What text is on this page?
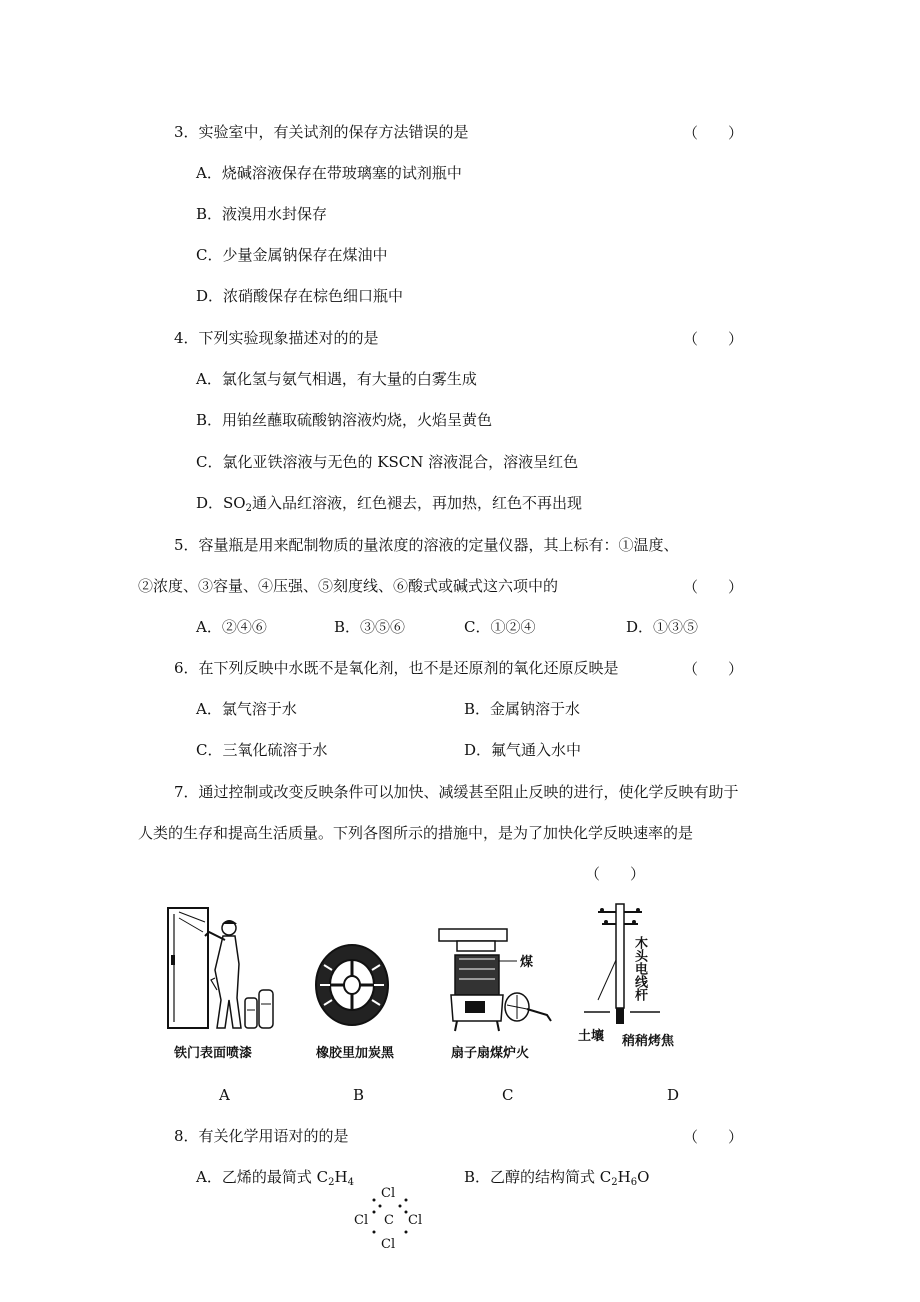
3．实验室中，有关试剂的保存方法错误的是	（　　）
A．烧碱溶液保存在带玻璃塞的试剂瓶中
B．液溴用水封保存
C．少量金属钠保存在煤油中
D．浓硝酸保存在棕色细口瓶中
4．下列实验现象描述对的的是	（　　）
A．氯化氢与氨气相遇，有大量的白雾生成
B．用铂丝蘸取硫酸钠溶液灼烧，火焰呈黄色
C．氯化亚铁溶液与无色的 KSCN 溶液混合，溶液呈红色
D．$SO_2$通入品红溶液，红色褪去，再加热，红色不再出现
5．容量瓶是用来配制物质的量浓度的溶液的定量仪器，其上标有：①温度、
②浓度、③容量、④压强、⑤刻度线、⑥酸式或碱式这六项中的	（　　）
A．②④⑥	B．③⑤⑥	C．①②④	D．①③⑤
6．在下列反映中水既不是氧化剂，也不是还原剂的氧化还原反映是	（　　）
A．氯气溶于水	B．金属钠溶于水
C．三氧化硫溶于水	D．氟气通入水中
7．通过控制或改变反映条件可以加快、减缓甚至阻止反映的进行，使化学反映有助于
人类的生存和提高生活质量。下列各图所示的措施中，是为了加快化学反映速率的是
（　　）
铁门表面喷漆
A
橡胶里加炭黑
B
煤
扇子扇煤炉火
C
木头电线杆
土壤 稍稍烤焦
D
8．有关化学用语对的的是	（　　）
A．乙烯的最简式 $C_2H_4$	B．乙醇的结构简式 $C_2H_6O$
Cl
Cl C Cl
Cl
